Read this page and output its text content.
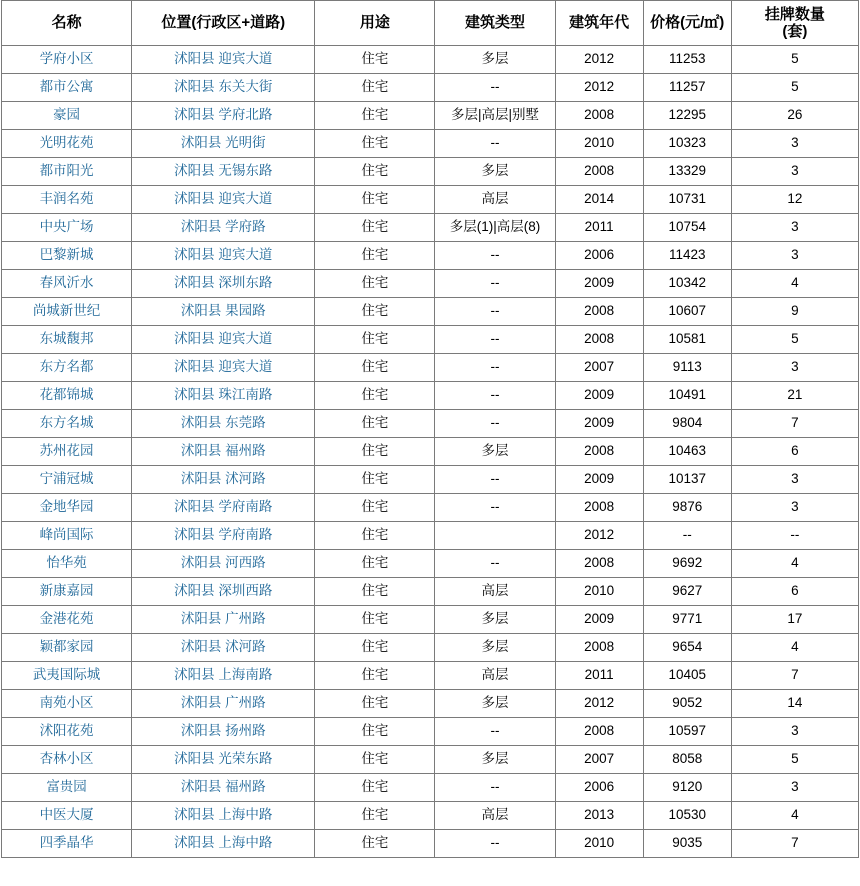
名称	位置(行政区+道路)	用途	建筑类型	建筑年代	价格(元/㎡)	挂牌数量
(套)

学府小区	沭阳县 迎宾大道	住宅	多层	2012	11253	5
都市公寓	沭阳县 东关大街	住宅	--	2012	11257	5
豪园	沭阳县 学府北路	住宅	多层|高层|别墅	2008	12295	26
光明花苑	沭阳县 光明街	住宅	--	2010	10323	3
都市阳光	沭阳县 无锡东路	住宅	多层	2008	13329	3
丰润名苑	沭阳县 迎宾大道	住宅	高层	2014	10731	12
中央广场	沭阳县 学府路	住宅	多层(1)|高层(8)	2011	10754	3
巴黎新城	沭阳县 迎宾大道	住宅	--	2006	11423	3
春风沂水	沭阳县 深圳东路	住宅	--	2009	10342	4
尚城新世纪	沭阳县 果园路	住宅	--	2008	10607	9
东城馥邦	沭阳县 迎宾大道	住宅	--	2008	10581	5
东方名都	沭阳县 迎宾大道	住宅	--	2007	9113	3
花都锦城	沭阳县 珠江南路	住宅	--	2009	10491	21
东方名城	沭阳县 东莞路	住宅	--	2009	9804	7
苏州花园	沭阳县 福州路	住宅	多层	2008	10463	6
宁浦冠城	沭阳县 沭河路	住宅	--	2009	10137	3
金地华园	沭阳县 学府南路	住宅	--	2008	9876	3
峰尚国际	沭阳县 学府南路	住宅		2012	--	--
怡华苑	沭阳县 河西路	住宅	--	2008	9692	4
新康嘉园	沭阳县 深圳西路	住宅	高层	2010	9627	6
金港花苑	沭阳县 广州路	住宅	多层	2009	9771	17
颖都家园	沭阳县 沭河路	住宅	多层	2008	9654	4
武夷国际城	沭阳县 上海南路	住宅	高层	2011	10405	7
南苑小区	沭阳县 广州路	住宅	多层	2012	9052	14
沭阳花苑	沭阳县 扬州路	住宅	--	2008	10597	3
杏林小区	沭阳县 光荣东路	住宅	多层	2007	8058	5
富贵园	沭阳县 福州路	住宅	--	2006	9120	3
中医大厦	沭阳县 上海中路	住宅	高层	2013	10530	4
四季晶华	沭阳县 上海中路	住宅	--	2010	9035	7
